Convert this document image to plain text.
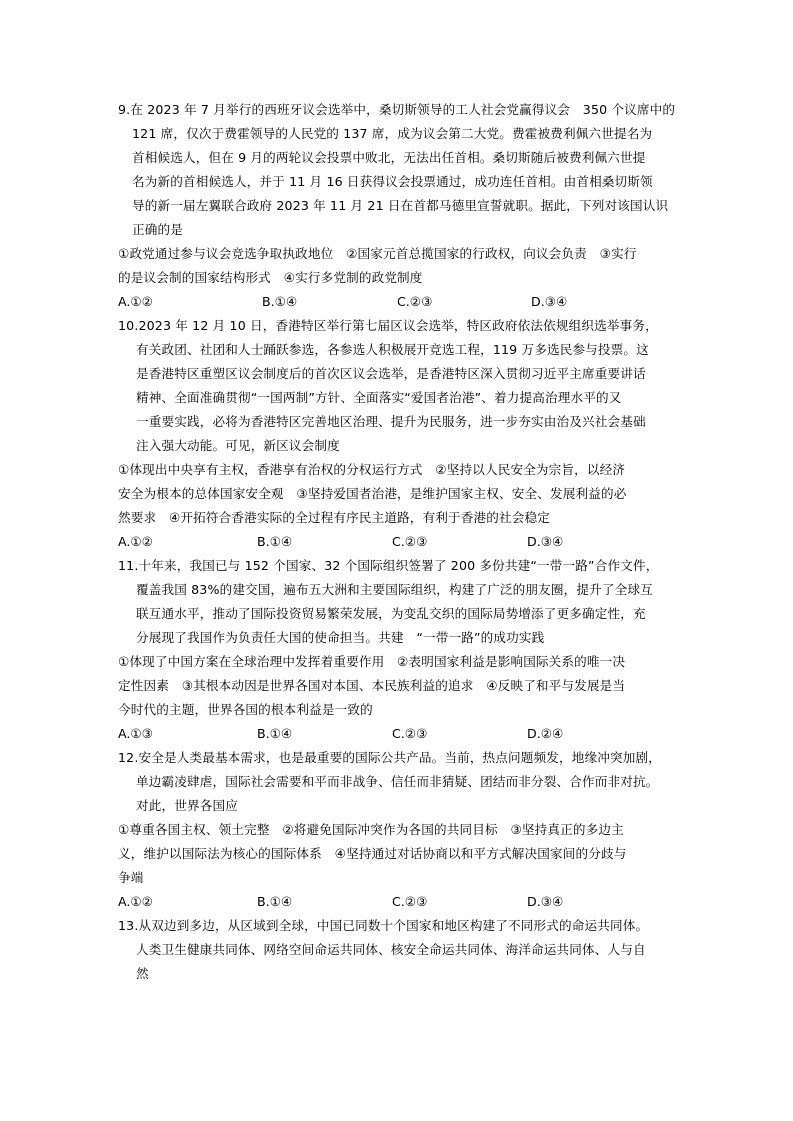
9.在 2023 年 7 月举行的西班牙议会选举中，桑切斯领导的工人社会党赢得议会　350 个议席中的
121 席，仅次于费霍领导的人民党的 137 席，成为议会第二大党。费霍被费利佩六世提名为
首相候选人，但在 9 月的两轮议会投票中败北，无法出任首相。桑切斯随后被费利佩六世提
名为新的首相候选人，并于 11 月 16 日获得议会投票通过，成功连任首相。由首相桑切斯领
导的新一届左翼联合政府 2023 年 11 月 21 日在首都马德里宣誓就职。据此，下列对该国认识
正确的是
①政党通过参与议会竞选争取执政地位　②国家元首总揽国家的行政权，向议会负责　③实行
的是议会制的国家结构形式　④实行多党制的政党制度
A.①②	B.①④	C.②③	D.③④
10.2023 年 12 月 10 日，香港特区举行第七届区议会选举，特区政府依法依规组织选举事务，
有关政团、社团和人士踊跃参选，各参选人积极展开竞选工程，119 万多选民参与投票。这
是香港特区重塑区议会制度后的首次区议会选举，是香港特区深入贯彻习近平主席重要讲话
精神、全面准确贯彻“一国两制”方针、全面落实“爱国者治港”、着力提高治理水平的又
一重要实践，必将为香港特区完善地区治理、提升为民服务，进一步夯实由治及兴社会基础
注入强大动能。可见，新区议会制度
①体现出中央享有主权，香港享有治权的分权运行方式　②坚持以人民安全为宗旨，以经济
安全为根本的总体国家安全观　③坚持爱国者治港，是维护国家主权、安全、发展利益的必
然要求　④开拓符合香港实际的全过程有序民主道路，有利于香港的社会稳定
A.①②	B.①④	C.②③	D.③④
11.十年来，我国已与 152 个国家、32 个国际组织签署了 200 多份共建“一带一路”合作文件，
覆盖我国 83%的建交国，遍布五大洲和主要国际组织，构建了广泛的朋友圈，提升了全球互
联互通水平，推动了国际投资贸易繁荣发展，为变乱交织的国际局势增添了更多确定性，充
分展现了我国作为负责任大国的使命担当。共建　“一带一路”的成功实践
①体现了中国方案在全球治理中发挥着重要作用　②表明国家利益是影响国际关系的唯一决
定性因素　③其根本动因是世界各国对本国、本民族利益的追求　④反映了和平与发展是当
今时代的主题，世界各国的根本利益是一致的
A.①③	B.①④	C.②③	D.②④
12.安全是人类最基本需求，也是最重要的国际公共产品。当前，热点问题频发，地缘冲突加剧，
单边霸凌肆虐，国际社会需要和平而非战争、信任而非猜疑、团结而非分裂、合作而非对抗。
对此，世界各国应
①尊重各国主权、领土完整　②将避免国际冲突作为各国的共同目标　③坚持真正的多边主
义，维护以国际法为核心的国际体系　④坚持通过对话协商以和平方式解决国家间的分歧与
争端
A.①②	B.①④	C.②③	D.③④
13.从双边到多边，从区域到全球，中国已同数十个国家和地区构建了不同形式的命运共同体。
人类卫生健康共同体、网络空间命运共同体、核安全命运共同体、海洋命运共同体、人与自
然
